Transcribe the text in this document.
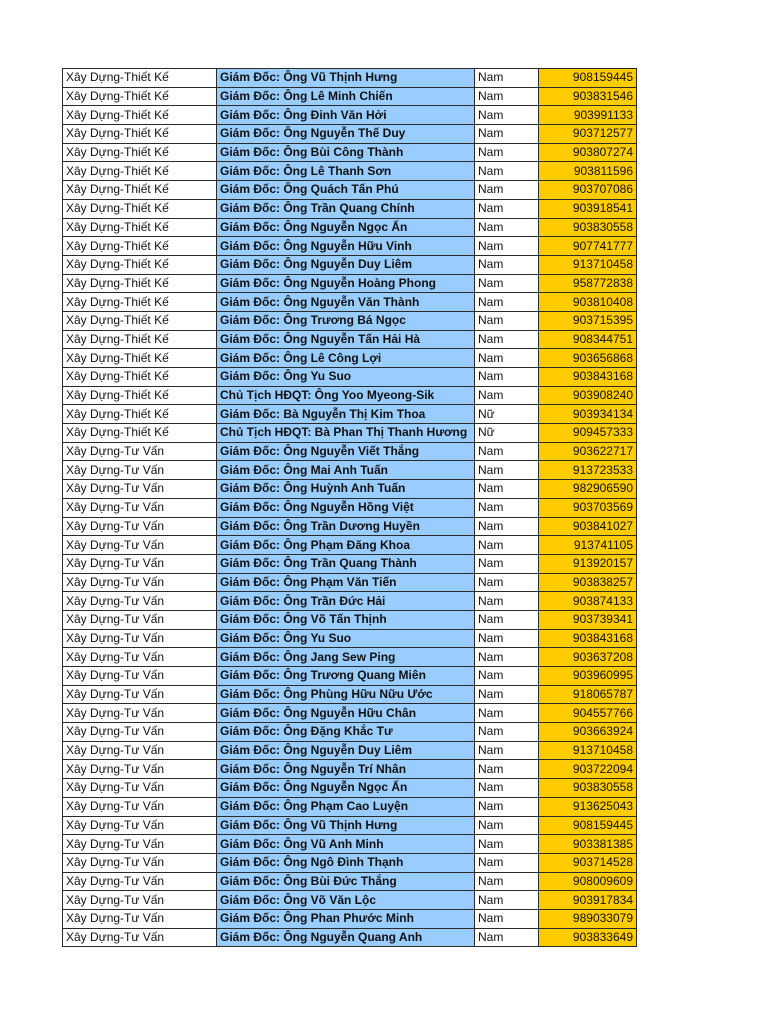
Xây Dựng-Thiết Kế	Giám Đốc: Ông Vũ Thịnh Hưng	Nam	908159445
Xây Dựng-Thiết Kế	Giám Đốc: Ông Lê Minh Chiến	Nam	903831546
Xây Dựng-Thiết Kế	Giám Đốc: Ông Đinh Văn Hởi	Nam	903991133
Xây Dựng-Thiết Kế	Giám Đốc: Ông Nguyễn Thế Duy	Nam	903712577
Xây Dựng-Thiết Kế	Giám Đốc: Ông Bùi Công Thành	Nam	903807274
Xây Dựng-Thiết Kế	Giám Đốc: Ông Lê Thanh Sơn	Nam	903811596
Xây Dựng-Thiết Kế	Giám Đốc: Ông Quách Tấn Phú	Nam	903707086
Xây Dựng-Thiết Kế	Giám Đốc: Ông Trần Quang Chính	Nam	903918541
Xây Dựng-Thiết Kế	Giám Đốc: Ông Nguyễn Ngọc Ấn	Nam	903830558
Xây Dựng-Thiết Kế	Giám Đốc: Ông Nguyễn Hữu Vinh	Nam	907741777
Xây Dựng-Thiết Kế	Giám Đốc: Ông Nguyễn Duy Liêm	Nam	913710458
Xây Dựng-Thiết Kế	Giám Đốc: Ông Nguyễn Hoàng Phong	Nam	958772838
Xây Dựng-Thiết Kế	Giám Đốc: Ông Nguyễn Văn Thành	Nam	903810408
Xây Dựng-Thiết Kế	Giám Đốc: Ông Trương Bá Ngọc	Nam	903715395
Xây Dựng-Thiết Kế	Giám Đốc: Ông Nguyễn Tấn Hải Hà	Nam	908344751
Xây Dựng-Thiết Kế	Giám Đốc: Ông Lê Công Lợi	Nam	903656868
Xây Dựng-Thiết Kế	Giám Đốc: Ông Yu Suo	Nam	903843168
Xây Dựng-Thiết Kế	Chủ Tịch HĐQT: Ông Yoo Myeong-Sik	Nam	903908240
Xây Dựng-Thiết Kế	Giám Đốc: Bà Nguyễn Thị Kim Thoa	Nữ	903934134
Xây Dựng-Thiết Kế	Chủ Tịch HĐQT: Bà Phan Thị Thanh Hương	Nữ	909457333
Xây Dựng-Tư Vấn	Giám Đốc: Ông Nguyễn Viết Thắng	Nam	903622717
Xây Dựng-Tư Vấn	Giám Đốc: Ông Mai Anh Tuấn	Nam	913723533
Xây Dựng-Tư Vấn	Giám Đốc: Ông Huỳnh Anh Tuấn	Nam	982906590
Xây Dựng-Tư Vấn	Giám Đốc: Ông Nguyễn Hồng Việt	Nam	903703569
Xây Dựng-Tư Vấn	Giám Đốc: Ông Trần Dương Huyền	Nam	903841027
Xây Dựng-Tư Vấn	Giám Đốc: Ông Phạm Đăng Khoa	Nam	913741105
Xây Dựng-Tư Vấn	Giám Đốc: Ông Trần Quang Thành	Nam	913920157
Xây Dựng-Tư Vấn	Giám Đốc: Ông Phạm Văn Tiến	Nam	903838257
Xây Dựng-Tư Vấn	Giám Đốc: Ông Trần Đức Hải	Nam	903874133
Xây Dựng-Tư Vấn	Giám Đốc: Ông Võ Tấn Thịnh	Nam	903739341
Xây Dựng-Tư Vấn	Giám Đốc: Ông Yu Suo	Nam	903843168
Xây Dựng-Tư Vấn	Giám Đốc: Ông Jang Sew Ping	Nam	903637208
Xây Dựng-Tư Vấn	Giám Đốc: Ông Trương Quang Miên	Nam	903960995
Xây Dựng-Tư Vấn	Giám Đốc: Ông Phùng Hữu Nữu Ước	Nam	918065787
Xây Dựng-Tư Vấn	Giám Đốc: Ông Nguyễn Hữu Chân	Nam	904557766
Xây Dựng-Tư Vấn	Giám Đốc: Ông Đặng Khắc Tư	Nam	903663924
Xây Dựng-Tư Vấn	Giám Đốc: Ông Nguyễn Duy Liêm	Nam	913710458
Xây Dựng-Tư Vấn	Giám Đốc: Ông Nguyễn Trí Nhân	Nam	903722094
Xây Dựng-Tư Vấn	Giám Đốc: Ông Nguyễn Ngọc Ấn	Nam	903830558
Xây Dựng-Tư Vấn	Giám Đốc: Ông Phạm Cao Luyện	Nam	913625043
Xây Dựng-Tư Vấn	Giám Đốc: Ông Vũ Thịnh Hưng	Nam	908159445
Xây Dựng-Tư Vấn	Giám Đốc: Ông Vũ Anh Minh	Nam	903381385
Xây Dựng-Tư Vấn	Giám Đốc: Ông Ngô Đình Thạnh	Nam	903714528
Xây Dựng-Tư Vấn	Giám Đốc: Ông Bùi Đức Thắng	Nam	908009609
Xây Dựng-Tư Vấn	Giám Đốc: Ông Võ Văn Lộc	Nam	903917834
Xây Dựng-Tư Vấn	Giám Đốc: Ông Phan Phước Minh	Nam	989033079
Xây Dựng-Tư Vấn	Giám Đốc: Ông Nguyễn Quang Anh	Nam	903833649
